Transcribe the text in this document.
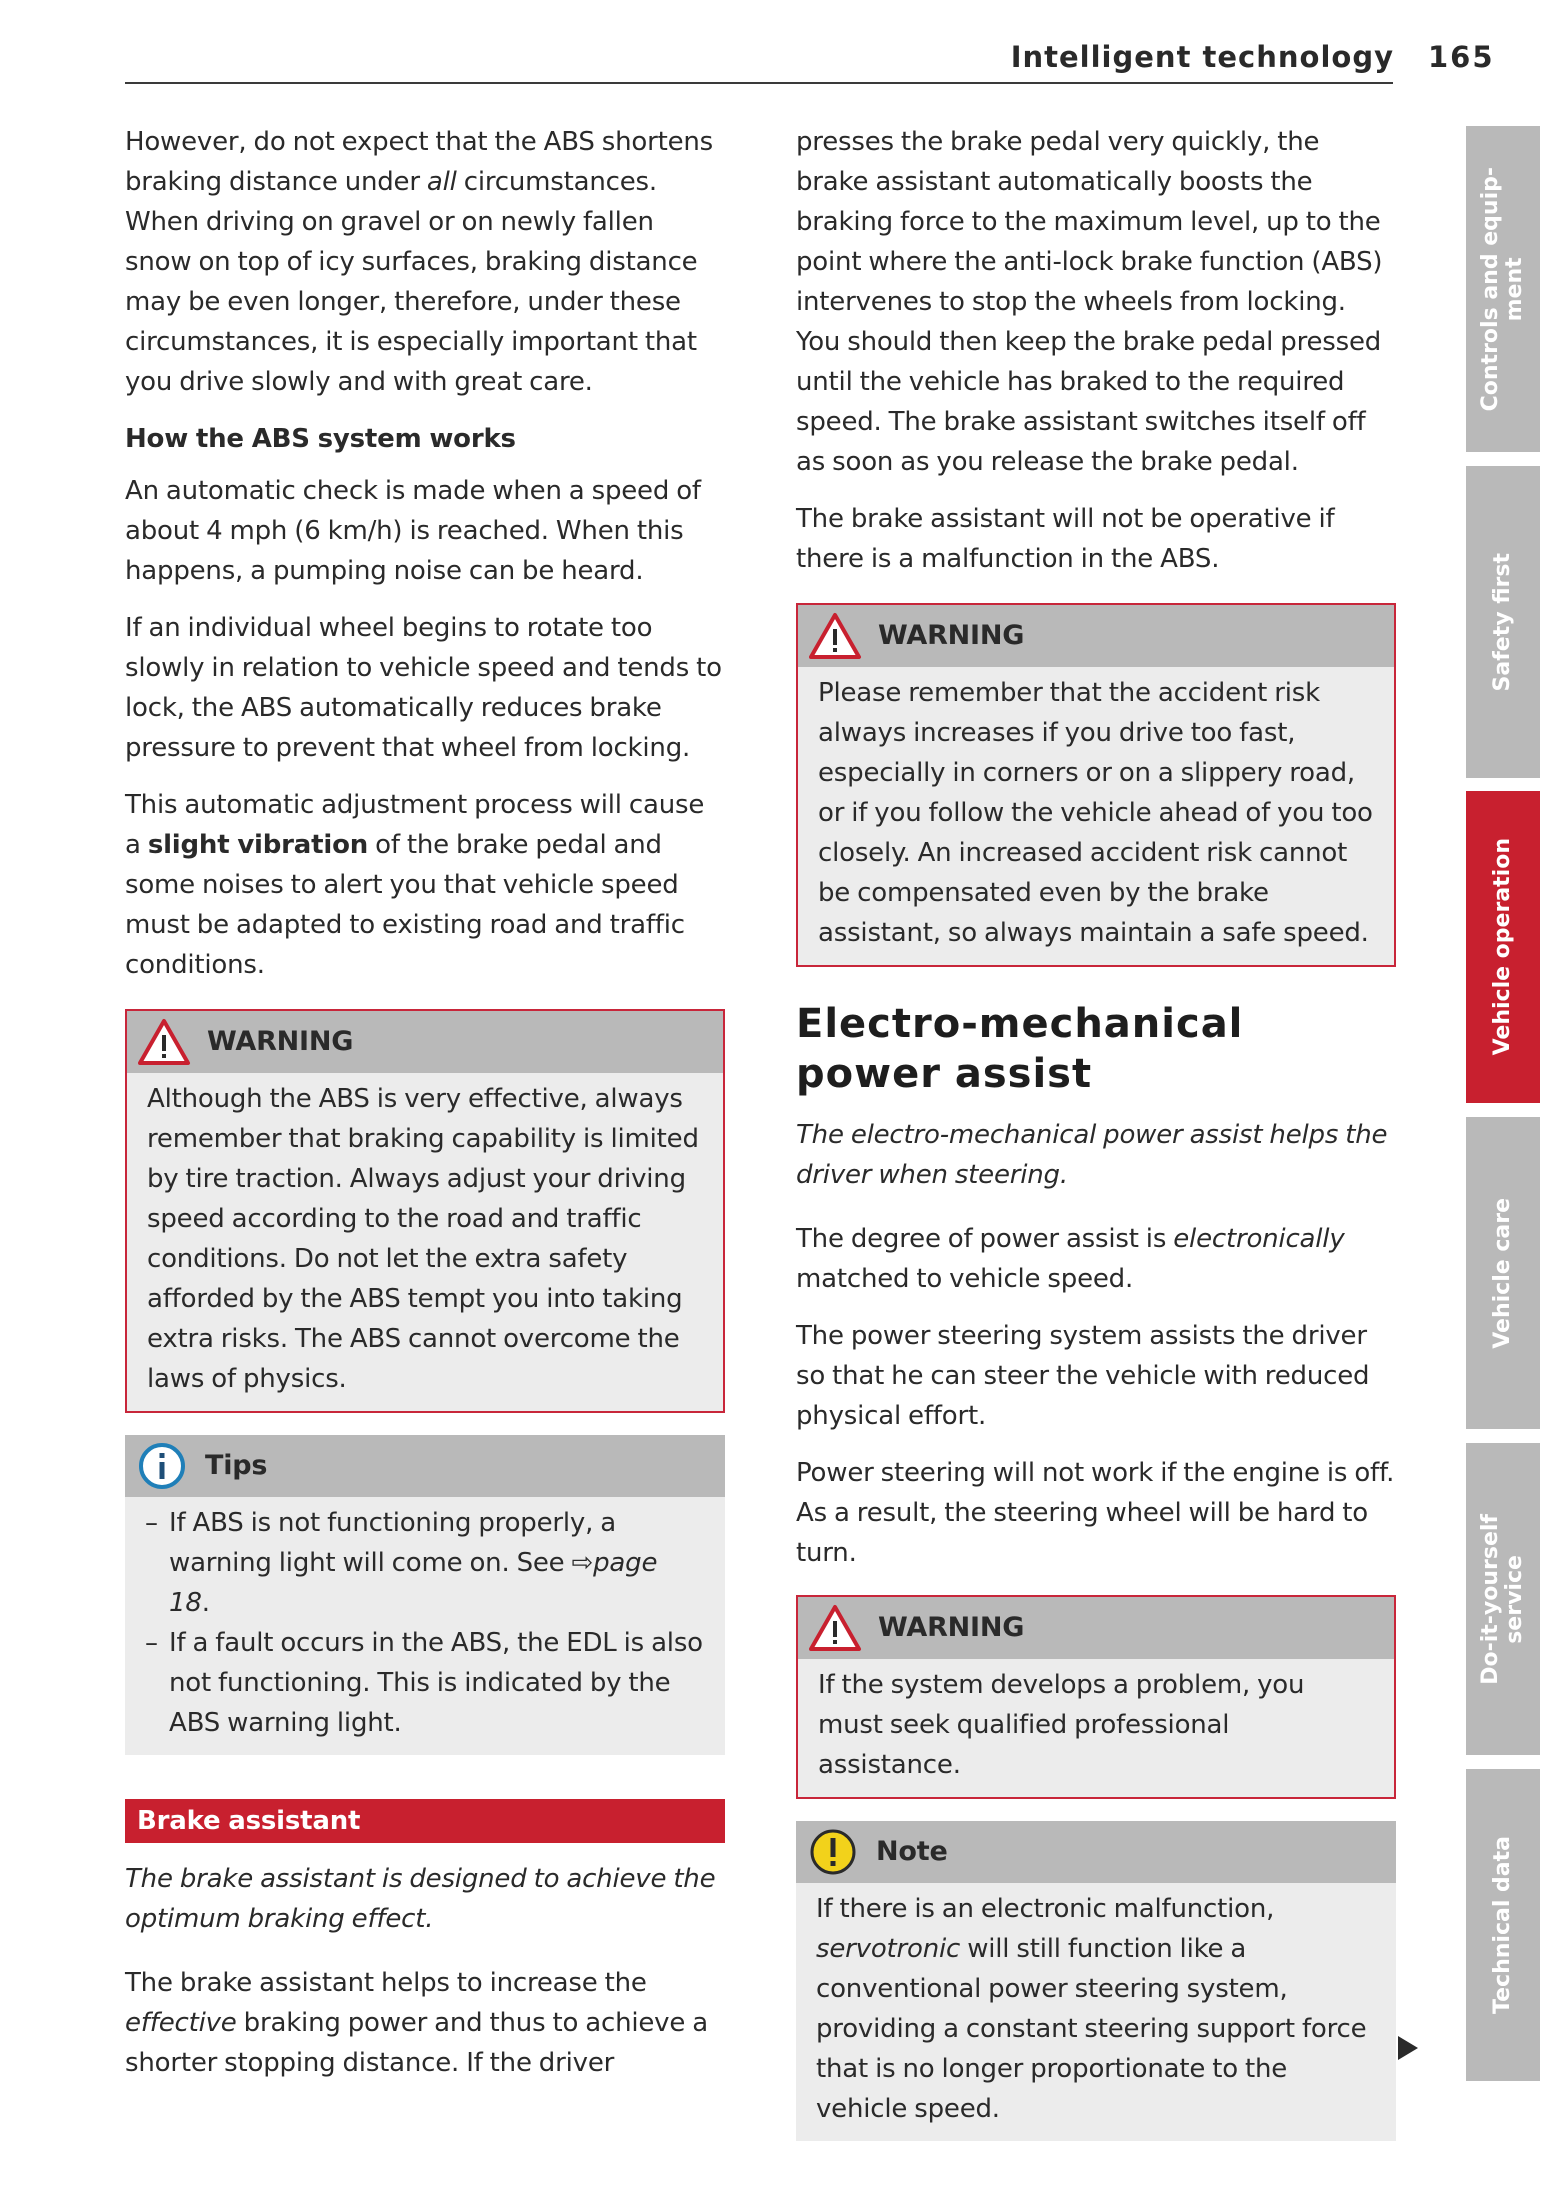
Intelligent technology 165

However, do not expect that the ABS shortens braking distance under all circumstances. When driving on gravel or on newly fallen snow on top of icy surfaces, braking distance may be even longer, therefore, under these circumstances, it is especially important that you drive slowly and with great care.

How the ABS system works

An automatic check is made when a speed of about 4 mph (6 km/h) is reached. When this happens, a pumping noise can be heard.

If an individual wheel begins to rotate too slowly in relation to vehicle speed and tends to lock, the ABS automatically reduces brake pressure to prevent that wheel from locking.

This automatic adjustment process will cause a slight vibration of the brake pedal and some noises to alert you that vehicle speed must be adapted to existing road and traffic conditions.

WARNING
Although the ABS is very effective, always remember that braking capability is limited by tire traction. Always adjust your driving speed according to the road and traffic conditions. Do not let the extra safety afforded by the ABS tempt you into taking extra risks. The ABS cannot overcome the laws of physics.
Tips
– If ABS is not functioning properly, a warning light will come on. See ⇨page 18.
– If a fault occurs in the ABS, the EDL is also not functioning. This is indicated by the ABS warning light.
Brake assistant

The brake assistant is designed to achieve the optimum braking effect.

The brake assistant helps to increase the effective braking power and thus to achieve a shorter stopping distance. If the driver

presses the brake pedal very quickly, the brake assistant automatically boosts the braking force to the maximum level, up to the point where the anti-lock brake function (ABS) intervenes to stop the wheels from locking. You should then keep the brake pedal pressed until the vehicle has braked to the required speed. The brake assistant switches itself off as soon as you release the brake pedal.

The brake assistant will not be operative if there is a malfunction in the ABS.

WARNING
Please remember that the accident risk always increases if you drive too fast, especially in corners or on a slippery road, or if you follow the vehicle ahead of you too closely. An increased accident risk cannot be compensated even by the brake assistant, so always maintain a safe speed.
Electro-mechanical power assist

The electro-mechanical power assist helps the driver when steering.

The degree of power assist is electronically matched to vehicle speed.

The power steering system assists the driver so that he can steer the vehicle with reduced physical effort.

Power steering will not work if the engine is off. As a result, the steering wheel will be hard to turn.

WARNING
If the system develops a problem, you must seek qualified professional assistance.
Note
If there is an electronic malfunction, servotronic will still function like a conventional power steering system, providing a constant steering support force that is no longer proportionate to the vehicle speed.
Controls and equip-
ment
Safety first
Vehicle operation
Vehicle care
Do-it-yourself
service
Technical data
